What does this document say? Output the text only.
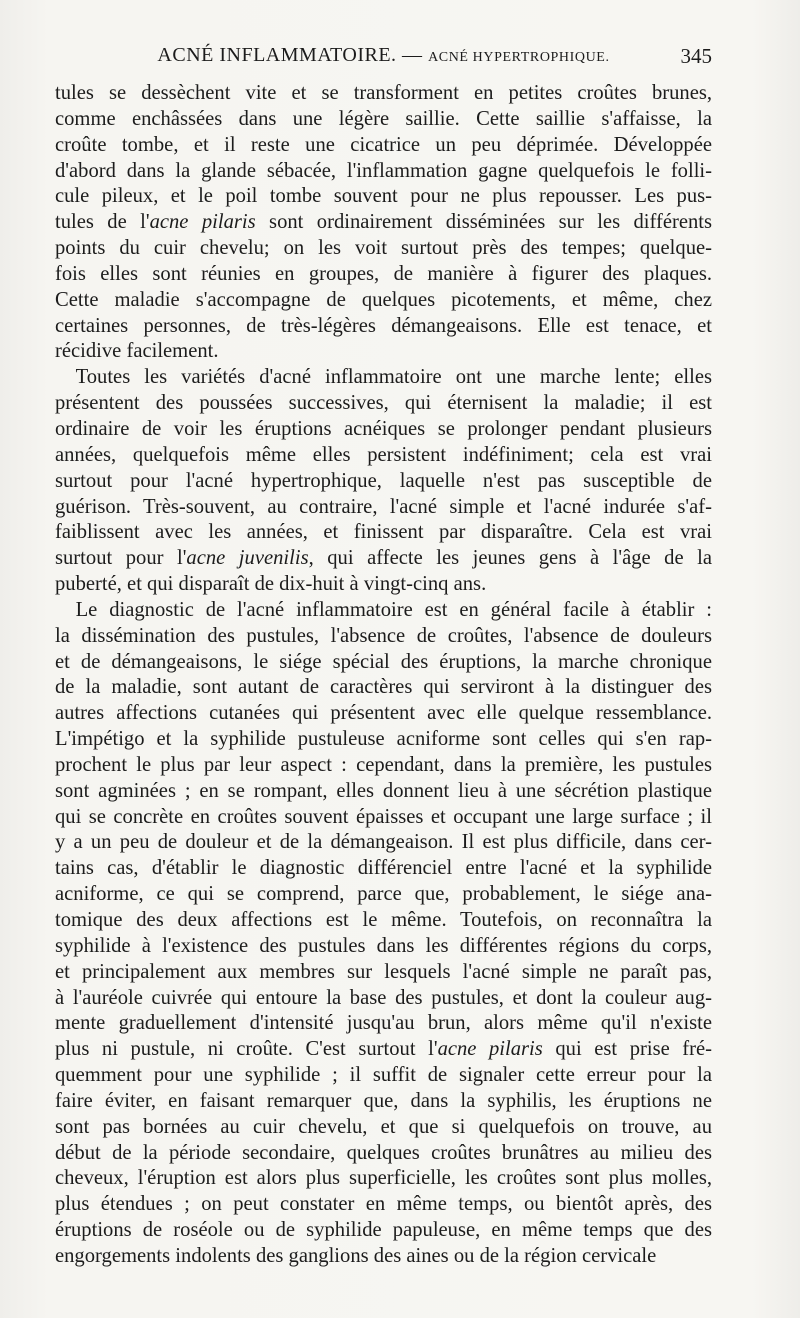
ACNÉ INFLAMMATOIRE. — ACNÉ HYPERTROPHIQUE.	345

tules se dessèchent vite et se transforment en petites croûtes brunes,

comme enchâssées dans une légère saillie. Cette saillie s'affaisse, la

croûte tombe, et il reste une cicatrice un peu déprimée. Développée

d'abord dans la glande sébacée, l'inflammation gagne quelquefois le folli-

cule pileux, et le poil tombe souvent pour ne plus repousser. Les pus-

tules de l'acne pilaris sont ordinairement disséminées sur les différents

points du cuir chevelu; on les voit surtout près des tempes; quelque-

fois elles sont réunies en groupes, de manière à figurer des plaques.

Cette maladie s'accompagne de quelques picotements, et même, chez

certaines personnes, de très-légères démangeaisons. Elle est tenace, et

récidive facilement.

 Toutes les variétés d'acné inflammatoire ont une marche lente; elles

présentent des poussées successives, qui éternisent la maladie; il est

ordinaire de voir les éruptions acnéiques se prolonger pendant plusieurs

années, quelquefois même elles persistent indéfiniment; cela est vrai

surtout pour l'acné hypertrophique, laquelle n'est pas susceptible de

guérison. Très-souvent, au contraire, l'acné simple et l'acné indurée s'af-

faiblissent avec les années, et finissent par disparaître. Cela est vrai

surtout pour l'acne juvenilis, qui affecte les jeunes gens à l'âge de la

puberté, et qui disparaît de dix-huit à vingt-cinq ans.

 Le diagnostic de l'acné inflammatoire est en général facile à établir :

la dissémination des pustules, l'absence de croûtes, l'absence de douleurs

et de démangeaisons, le siége spécial des éruptions, la marche chronique

de la maladie, sont autant de caractères qui serviront à la distinguer des

autres affections cutanées qui présentent avec elle quelque ressemblance.

L'impétigo et la syphilide pustuleuse acniforme sont celles qui s'en rap-

prochent le plus par leur aspect : cependant, dans la première, les pustules

sont agminées ; en se rompant, elles donnent lieu à une sécrétion plastique

qui se concrète en croûtes souvent épaisses et occupant une large surface ; il

y a un peu de douleur et de la démangeaison. Il est plus difficile, dans cer-

tains cas, d'établir le diagnostic différenciel entre l'acné et la syphilide

acniforme, ce qui se comprend, parce que, probablement, le siége ana-

tomique des deux affections est le même. Toutefois, on reconnaîtra la

syphilide à l'existence des pustules dans les différentes régions du corps,

et principalement aux membres sur lesquels l'acné simple ne paraît pas,

à l'auréole cuivrée qui entoure la base des pustules, et dont la couleur aug-

mente graduellement d'intensité jusqu'au brun, alors même qu'il n'existe

plus ni pustule, ni croûte. C'est surtout l'acne pilaris qui est prise fré-

quemment pour une syphilide ; il suffit de signaler cette erreur pour la

faire éviter, en faisant remarquer que, dans la syphilis, les éruptions ne

sont pas bornées au cuir chevelu, et que si quelquefois on trouve, au

début de la période secondaire, quelques croûtes brunâtres au milieu des

cheveux, l'éruption est alors plus superficielle, les croûtes sont plus molles,

plus étendues ; on peut constater en même temps, ou bientôt après, des

éruptions de roséole ou de syphilide papuleuse, en même temps que des

engorgements indolents des ganglions des aines ou de la région cervicale
